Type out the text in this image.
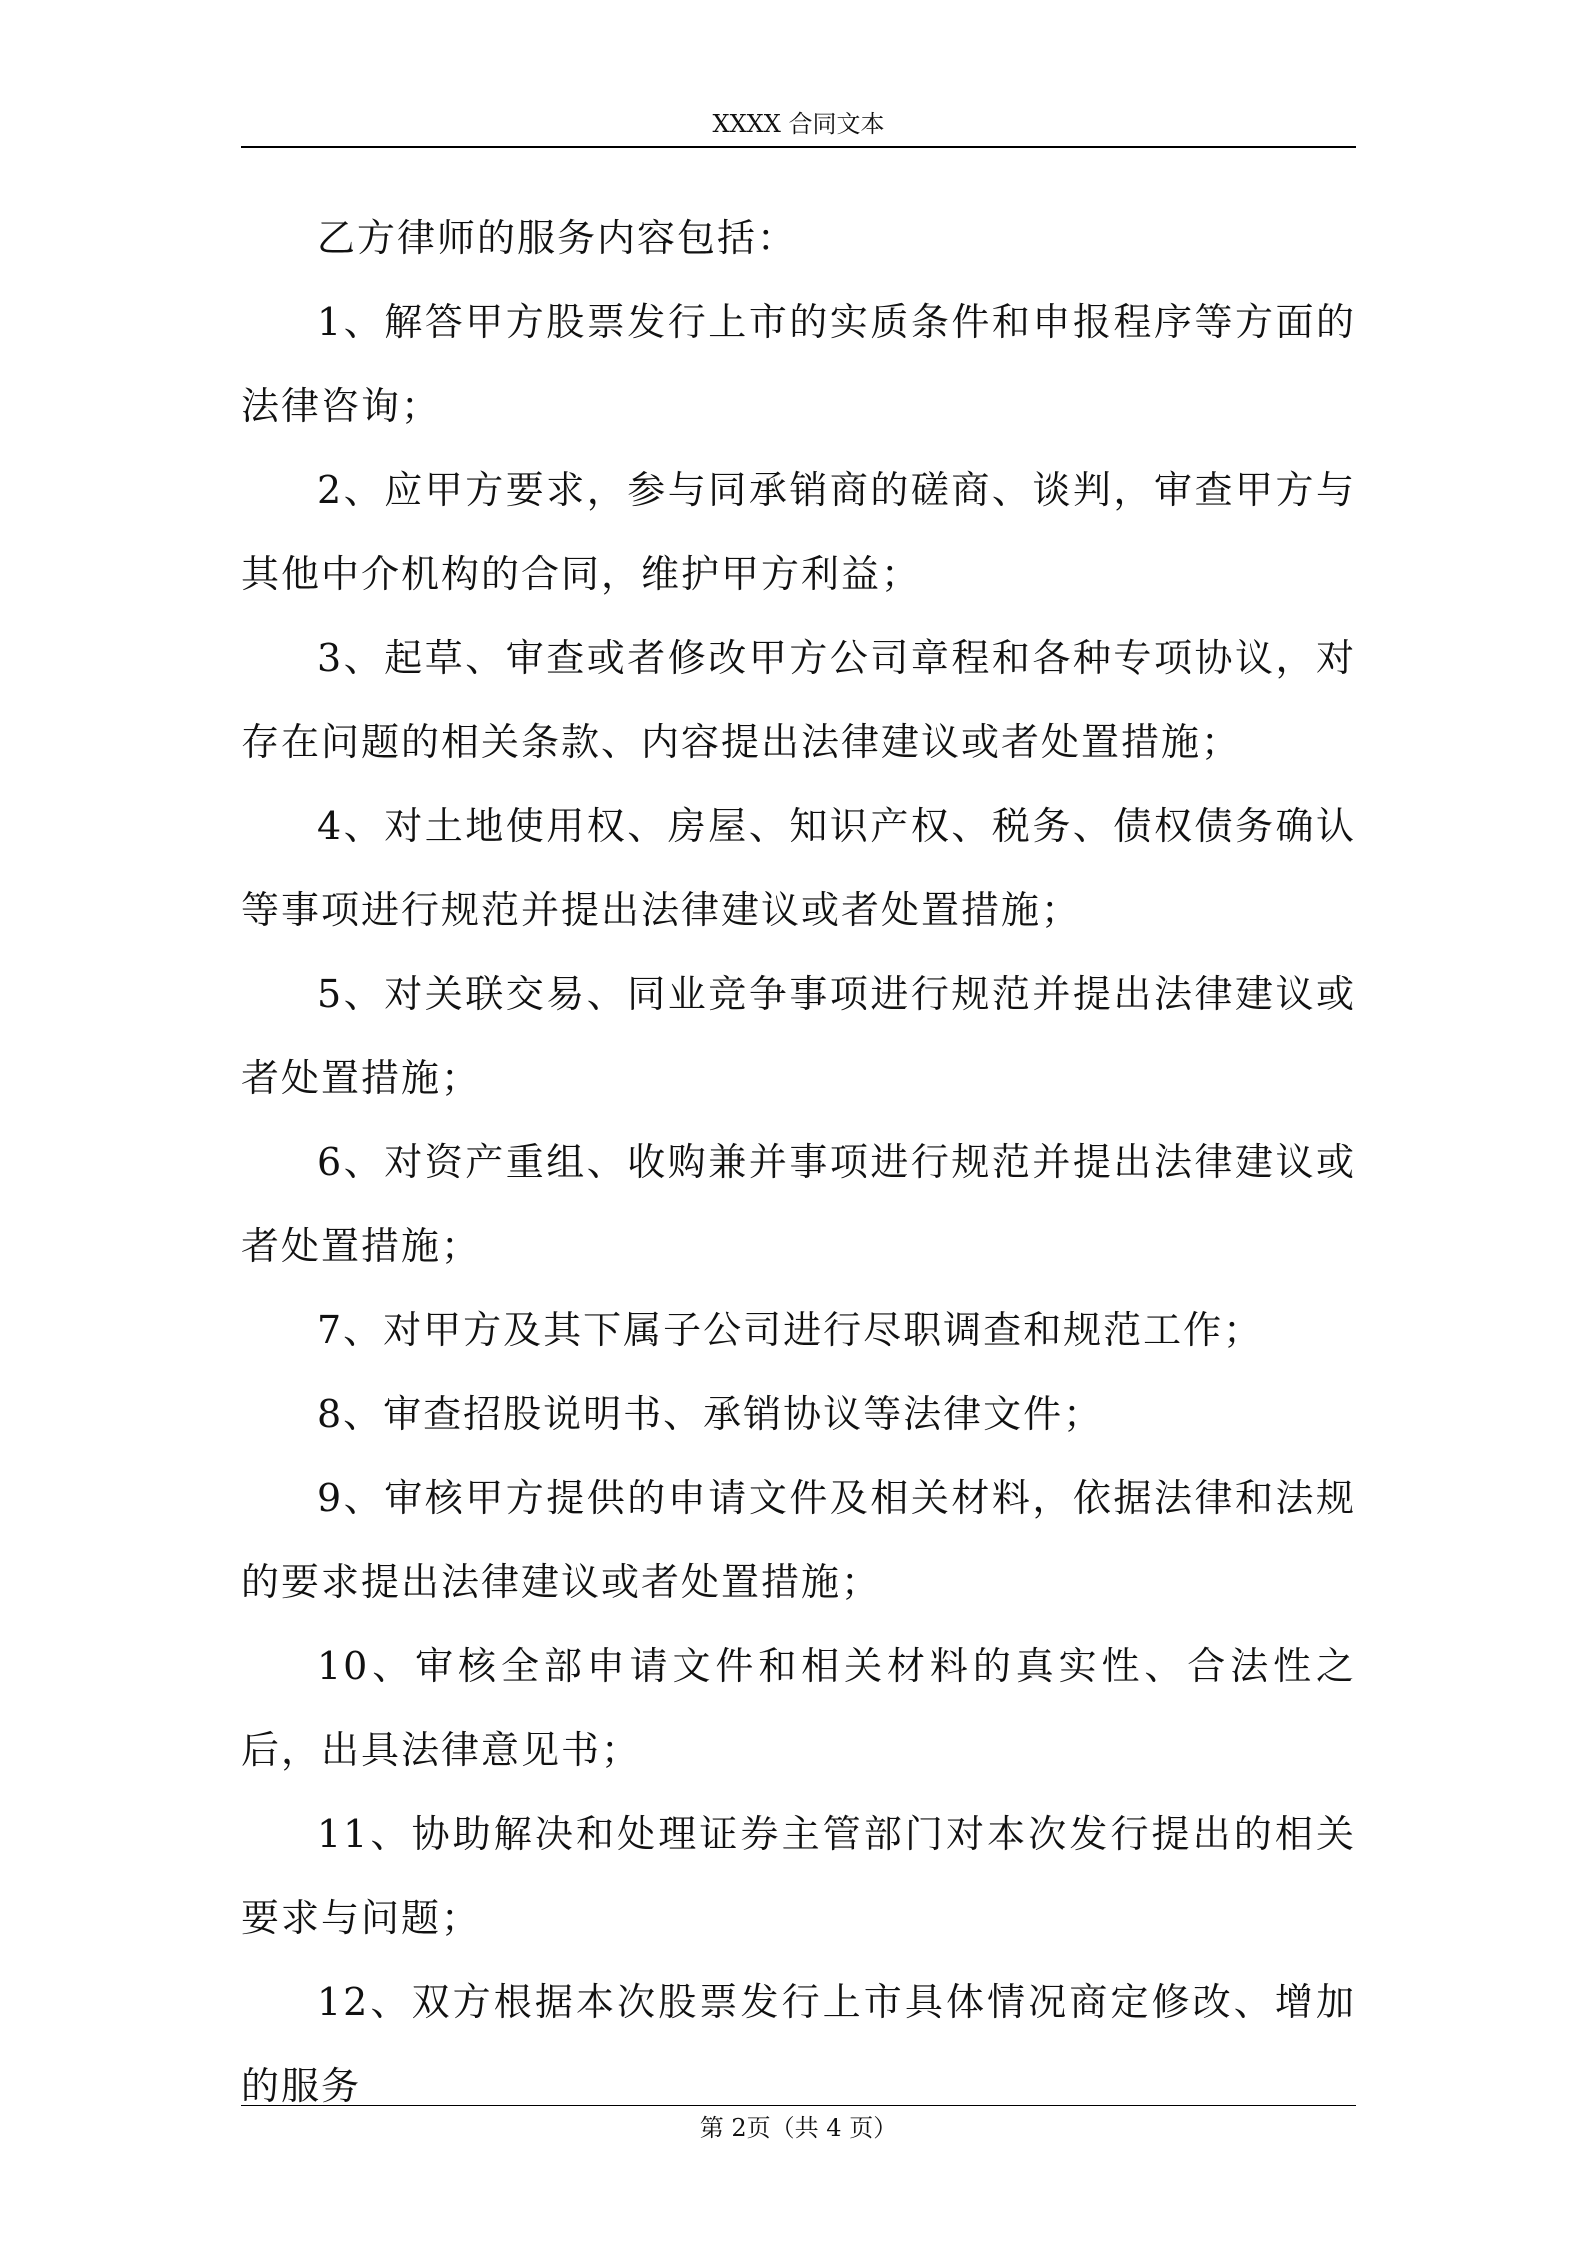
XXXX 合同文本

乙方律师的服务内容包括：

1、解答甲方股票发行上市的实质条件和申报程序等方面的法律咨询；

2、应甲方要求，参与同承销商的磋商、谈判，审查甲方与其他中介机构的合同，维护甲方利益；

3、起草、审查或者修改甲方公司章程和各种专项协议，对存在问题的相关条款、内容提出法律建议或者处置措施；

4、对土地使用权、房屋、知识产权、税务、债权债务确认等事项进行规范并提出法律建议或者处置措施；

5、对关联交易、同业竞争事项进行规范并提出法律建议或者处置措施；

6、对资产重组、收购兼并事项进行规范并提出法律建议或者处置措施；

7、对甲方及其下属子公司进行尽职调查和规范工作；

8、审查招股说明书、承销协议等法律文件；

9、审核甲方提供的申请文件及相关材料，依据法律和法规的要求提出法律建议或者处置措施；

10、审核全部申请文件和相关材料的真实性、合法性之后，出具法律意见书；

11、协助解决和处理证券主管部门对本次发行提出的相关要求与问题；

12、双方根据本次股票发行上市具体情况商定修改、增加的服务

第 2页（共 4 页）
